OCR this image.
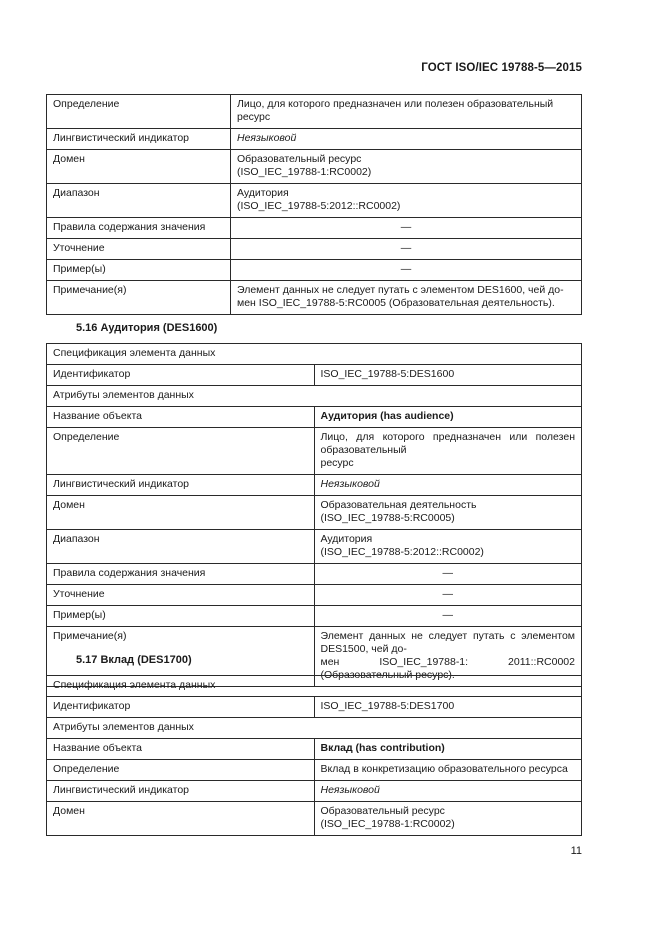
ГОСТ ISO/IEC 19788-5—2015
Определение	Лицо, для которого предназначен или полезен образовательный
ресурс

Лингвистический индикатор	Неязыковой
Домен	Образовательный ресурс
(ISO_IEC_19788-1:RC0002)

Диапазон	Аудитория
(ISO_IEC_19788-5:2012::RC0002)

Правила содержания значения	—
Уточнение	—
Пример(ы)	—
Примечание(я)	Элемент данных не следует путать с элементом DES1600, чей до-
мен ISO_IEC_19788-5:RC0005 (Образовательная деятельность).
5.16 Аудитория (DES1600)
Спецификация элемента данных	
Идентификатор	ISO_IEC_19788-5:DES1600
Атрибуты элементов данных	
Название объекта	Аудитория (has audience)
Определение	Лицо, для которого предназначен или полезен образовательный
ресурс

Лингвистический индикатор	Неязыковой
Домен	Образовательная деятельность
(ISO_IEC_19788-5:RC0005)

Диапазон	Аудитория
(ISO_IEC_19788-5:2012::RC0002)

Правила содержания значения	—
Уточнение	—
Пример(ы)	—
Примечание(я)	Элемент данных не следует путать с элементом DES1500, чей до-
мен ISO_IEC_19788-1: 2011::RC0002 (Образовательный ресурс).
5.17 Вклад (DES1700)
Спецификация элемента данных	
Идентификатор	ISO_IEC_19788-5:DES1700
Атрибуты элементов данных	
Название объекта	Вклад (has contribution)
Определение	Вклад в конкретизацию образовательного ресурса
Лингвистический индикатор	Неязыковой
Домен	Образовательный ресурс
(ISO_IEC_19788-1:RC0002)
11
